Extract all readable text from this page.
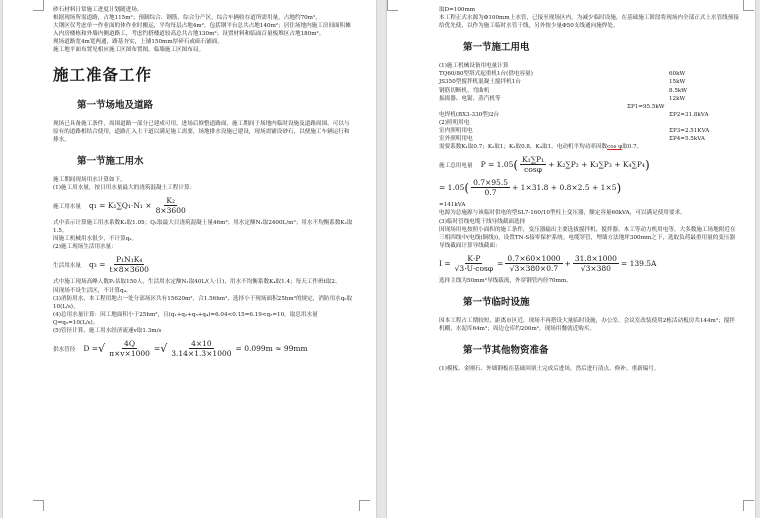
砂石材料日常施工进度计划随进场。

根据现场所需道路，占地115m²；预制综合、钢筋、综合分产区，综合车辆收存道所需用量，占地约70m²。

大钢区仅考虑单一作业面的体作业时搬运，平均每层占地4m²，包括钢平台总共占地140m²；居住场地内施工房间面积摊入内房楼栋和外墙内侧道路工，考虑约搭楼道较高总共占地130m²；设置材料和临面百量板堆区占地180m²。

现场道路宽4m宽两通，路基夯实，上铺150mm厚碎石或砾石铺面。

施工地平面布置见相应施工区图布置图，临墙施工区图布局。

施工准备工作
第一节场地及道路

现场已具备施工条件，周围道路一部分已建成可用，进场后修整道路面，施工期间于场地内临时设施及道路周围，可以与原有的道路相结合使用，道路汇入主干道以满足施工需要，场地排水设施已建设，现场需铺设砂石，以便施工车辆运行和排水。

第一节施工用水

施工期间现场用水计算如下。

(1)施工用水量，按日用水量最大的浇筑混凝土工程计算：

施工用水量 $q_1 = K_1\sum Q_1\cdot N_1 \times \frac{\text{K₂}}{8\times 3600}$

式中表示计算施工用水系数K₁取1.05；Q₁取最大日浇筑混凝土量46m³；用水定额N₁取2400L/m³；用水不均衡系数K₂取1.5。

因施工机械用水很少，不计算q₂。

(2)施工现场生活用水量：

生活用水量 $q_3 = \frac{\text{P₁N₁K₄}}{t\times 8\times 3600}$

式中施工现场高峰人数P₁估取150人，生活用水定额N₁取40L/(人·日)，用水不均衡系数K₄取1.4；每天工作班t取2。

因现场不设生活区，不计算q₄。

(3)消防用水，本工程用地占一处分部场区共有15620m²，合1.56hm²，选择小于现场面积25hm²的规定，消防用水q₅取10(L/s)。

(4)总用水量计算：因工地面积小于25hm²，且(q₁+q₂+q₃+q₄)=6.04<0.15=6.19<q₅=10，取总用水量Q=q₅=10(L/s)。

(5)管径计算，施工用水经济流速v取1.3m/s

供水管径 D = √ $\frac{4Q}{\pi\times v\times 1000}$ = √ $\frac{4\times 10}{3.14\times 1.3\times 1000} = 0.099m \approx 99mm$

取D=100mm

本工程正式水源为Φ100mm上水管，已接至现场区内，为减少临时设施，在基础施工阶段将现场内全部正式上水管线预接给优先使，以作为施工临时水管干线，另外按少量Φ50支线通向施焊处。

第一节施工用电

(1)施工机械设备用电量计算

TQ60/80型塔式起重机1台(供电容量)	60kW
JS350型搅拌机混凝土搅拌机1台	15kW
钢筋切断机、弯曲机	8.5kW
振捣器、电锯、蒸汽机等	12kW
ΣP1=95.5kW
电焊机(BX3-330型)2台	ΣP2=31.8kVA

(2)照明用电

室内照明用电	ΣP3=2.51KVA
室外照明用电	ΣP4=5.5kVA

需要系数K₁取0.7；K₂取1；K₃取0.8，K₄取1，电动机平均功率因数cos φ取0.7。

施工总用电量 P = 1.05 ( $\frac{\text{K₁∑P₁}}{\cos\varphi} + K_2\sum P_2 + K_3\sum P_3 + K_4\sum P_4$ )
= 1.05 ( $\frac{0.7\times 95.5}{0.7} + 1\times 31.8 + 0.8\times 2.5 + 1\times 5$ )

=141kVA

电源为总施源与该临时供电的型SL7-160/10型柱上变压器，额定容量60kVA，可以满足使用要求。

(3)临时管线电缆干线导线截面选择

因现场用电按照小面积的施工条件，变压器输出主要选拔搅拌机、搅拌器、木工等动力机用电等，大多数施工场地附近在三相四线中(电线(铜线))，设置TN-S接零保护系统。电缆穿管，埋墙方法地坪300mm之下，选取负荷最重用量的变压器导线截面计算导线截面：

$I = \frac{K\cdot P}{√3\cdot U\cdot\cos\varphi} = \frac{0.7\times 60\times 1000}{√3\times 380\times 0.7} + \frac{31.8\times 1000}{√3\times 380} = 139.5A$

选择主线为50mm²导线载流，外穿钢管内径70mm。

第一节临时设施

因本工程占工期较短，距离市区近，现场不再搭设大量临时设施，办公室、会议室改装使用2栋活动板房共144m²；搅拌机棚、水泥库64m²；周边仓库约200m²，现场用餐就近购买。

第一节其他物资准备

(1)模板、金刚石、外墙钢板在基础回填土完成后进场，然后进行清点、修补、重新编号。
